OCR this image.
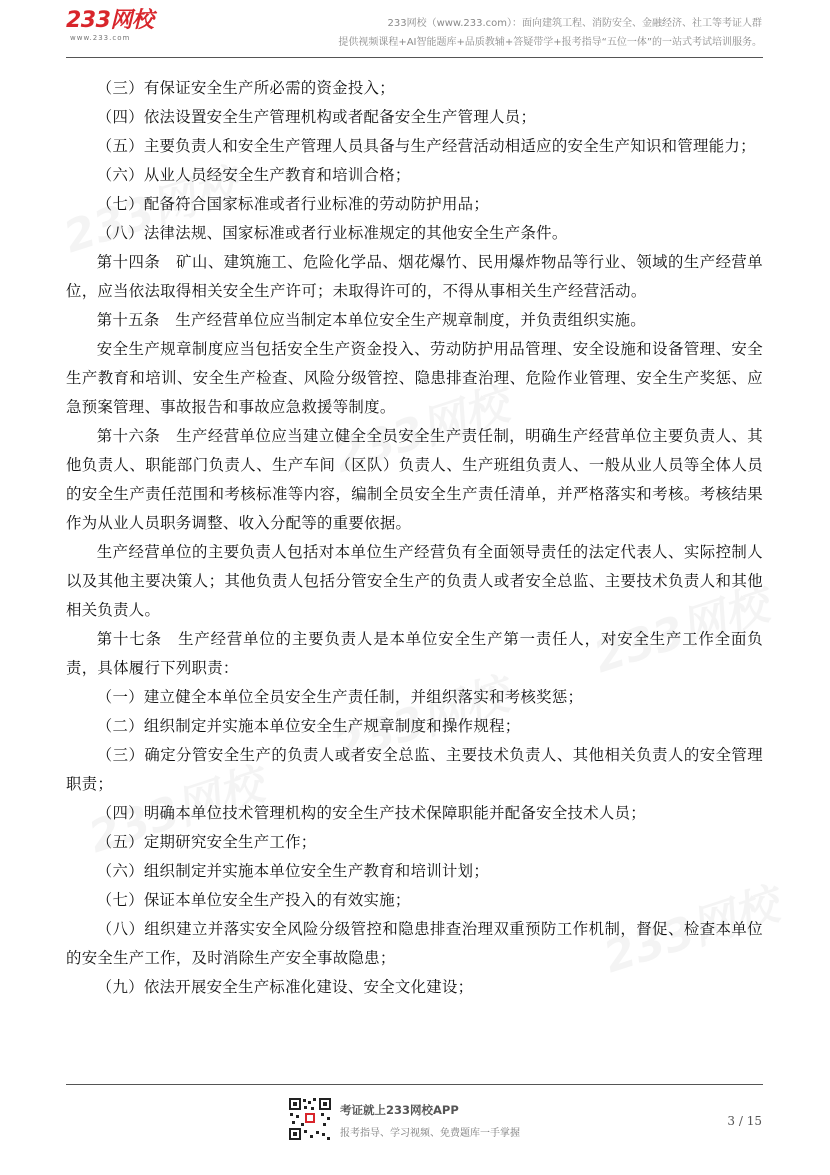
233网校
www.233.com
233网校（www.233.com）：面向建筑工程、消防安全、金融经济、社工等考证人群
提供视频课程+AI智能题库+品质教辅+答疑带学+报考指导“五位一体”的一站式考试培训服务。

（三）有保证安全生产所必需的资金投入；

（四）依法设置安全生产管理机构或者配备安全生产管理人员；

（五）主要负责人和安全生产管理人员具备与生产经营活动相适应的安全生产知识和管理能力；

（六）从业人员经安全生产教育和培训合格；

（七）配备符合国家标准或者行业标准的劳动防护用品；

（八）法律法规、国家标准或者行业标准规定的其他安全生产条件。

第十四条　矿山、建筑施工、危险化学品、烟花爆竹、民用爆炸物品等行业、领域的生产经营单位，应当依法取得相关安全生产许可；未取得许可的，不得从事相关生产经营活动。

第十五条　生产经营单位应当制定本单位安全生产规章制度，并负责组织实施。

安全生产规章制度应当包括安全生产资金投入、劳动防护用品管理、安全设施和设备管理、安全生产教育和培训、安全生产检查、风险分级管控、隐患排查治理、危险作业管理、安全生产奖惩、应急预案管理、事故报告和事故应急救援等制度。

第十六条　生产经营单位应当建立健全全员安全生产责任制，明确生产经营单位主要负责人、其他负责人、职能部门负责人、生产车间（区队）负责人、生产班组负责人、一般从业人员等全体人员的安全生产责任范围和考核标准等内容，编制全员安全生产责任清单，并严格落实和考核。考核结果作为从业人员职务调整、收入分配等的重要依据。

生产经营单位的主要负责人包括对本单位生产经营负有全面领导责任的法定代表人、实际控制人以及其他主要决策人；其他负责人包括分管安全生产的负责人或者安全总监、主要技术负责人和其他相关负责人。

第十七条　生产经营单位的主要负责人是本单位安全生产第一责任人，对安全生产工作全面负责，具体履行下列职责：

（一）建立健全本单位全员安全生产责任制，并组织落实和考核奖惩；

（二）组织制定并实施本单位安全生产规章制度和操作规程；

（三）确定分管安全生产的负责人或者安全总监、主要技术负责人、其他相关负责人的安全管理职责；

（四）明确本单位技术管理机构的安全生产技术保障职能并配备安全技术人员；

（五）定期研究安全生产工作；

（六）组织制定并实施本单位安全生产教育和培训计划；

（七）保证本单位安全生产投入的有效实施；

（八）组织建立并落实安全风险分级管控和隐患排查治理双重预防工作机制，督促、检查本单位的安全生产工作，及时消除生产安全事故隐患；

（九）依法开展安全生产标准化建设、安全文化建设；

考证就上233网校APP
报考指导、学习视频、免费题库一手掌握
3 / 15
